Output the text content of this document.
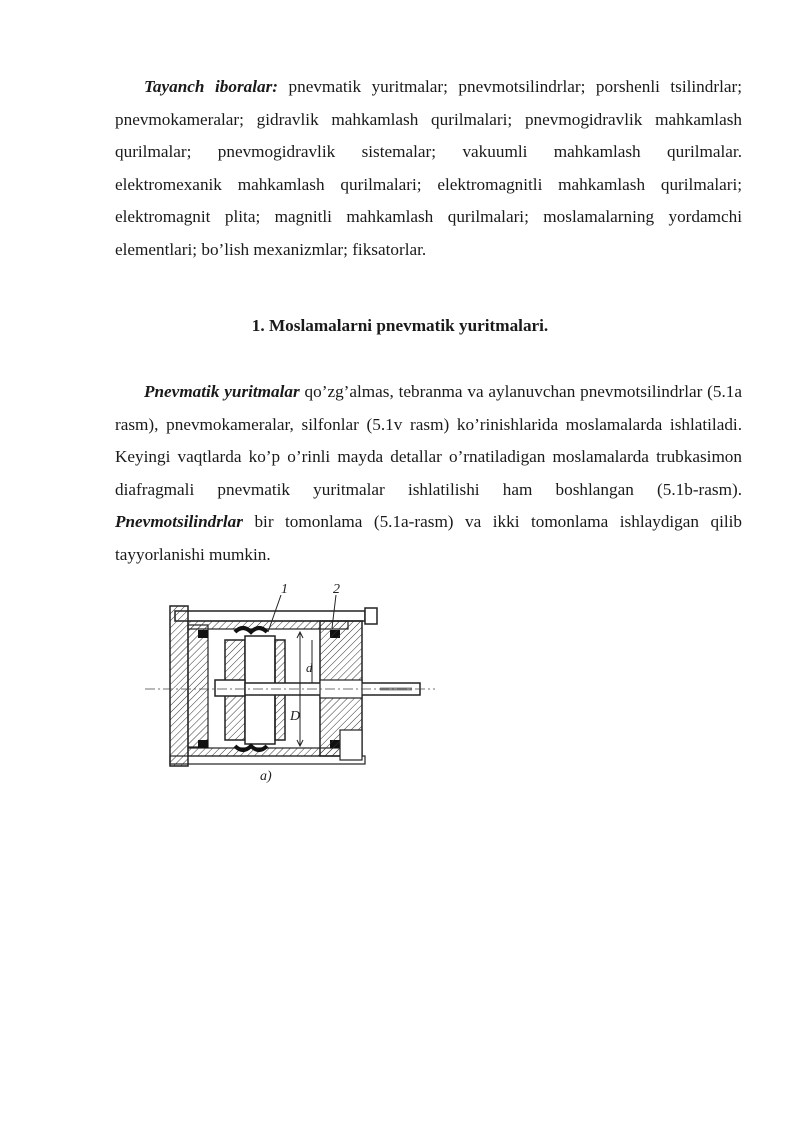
Tayanch iboralar: pnevmatik yuritmalar; pnevmotsilindrlar; porshenli tsilindrlar; pnevmokameralar; gidravlik mahkamlash qurilmalari; pnevmogidravlik mahkamlash qurilmalar; pnevmogidravlik sistemalar; vakuumli mahkamlash qurilmalar. elektromexanik mahkamlash qurilmalari; elektromagnitli mahkamlash qurilmalari; elektromagnit plita; magnitli mahkamlash qurilmalari; moslamalarning yordamchi elementlari; bo’lish mexanizmlar; fiksatorlar.

1. Moslamalarni pnevmatik yuritmalari.

Pnevmatik yuritmalar qo’zg’almas, tebranma va aylanuvchan pnevmotsilindrlar (5.1a rasm), pnevmokameralar, silfonlar (5.1v rasm) ko’rinishlarida moslamalarda ishlatiladi. Keyingi vaqtlarda ko’p o’rinli mayda detallar o’rnatiladigan moslamalarda trubkasimon diafragmali pnevmatik yuritmalar ishlatilishi ham boshlangan (5.1b-rasm). Pnevmotsilindrlar bir tomonlama (5.1a-rasm) va ikki tomonlama ishlaydigan qilib tayyorlanishi mumkin.

1	2
D
d
a)
